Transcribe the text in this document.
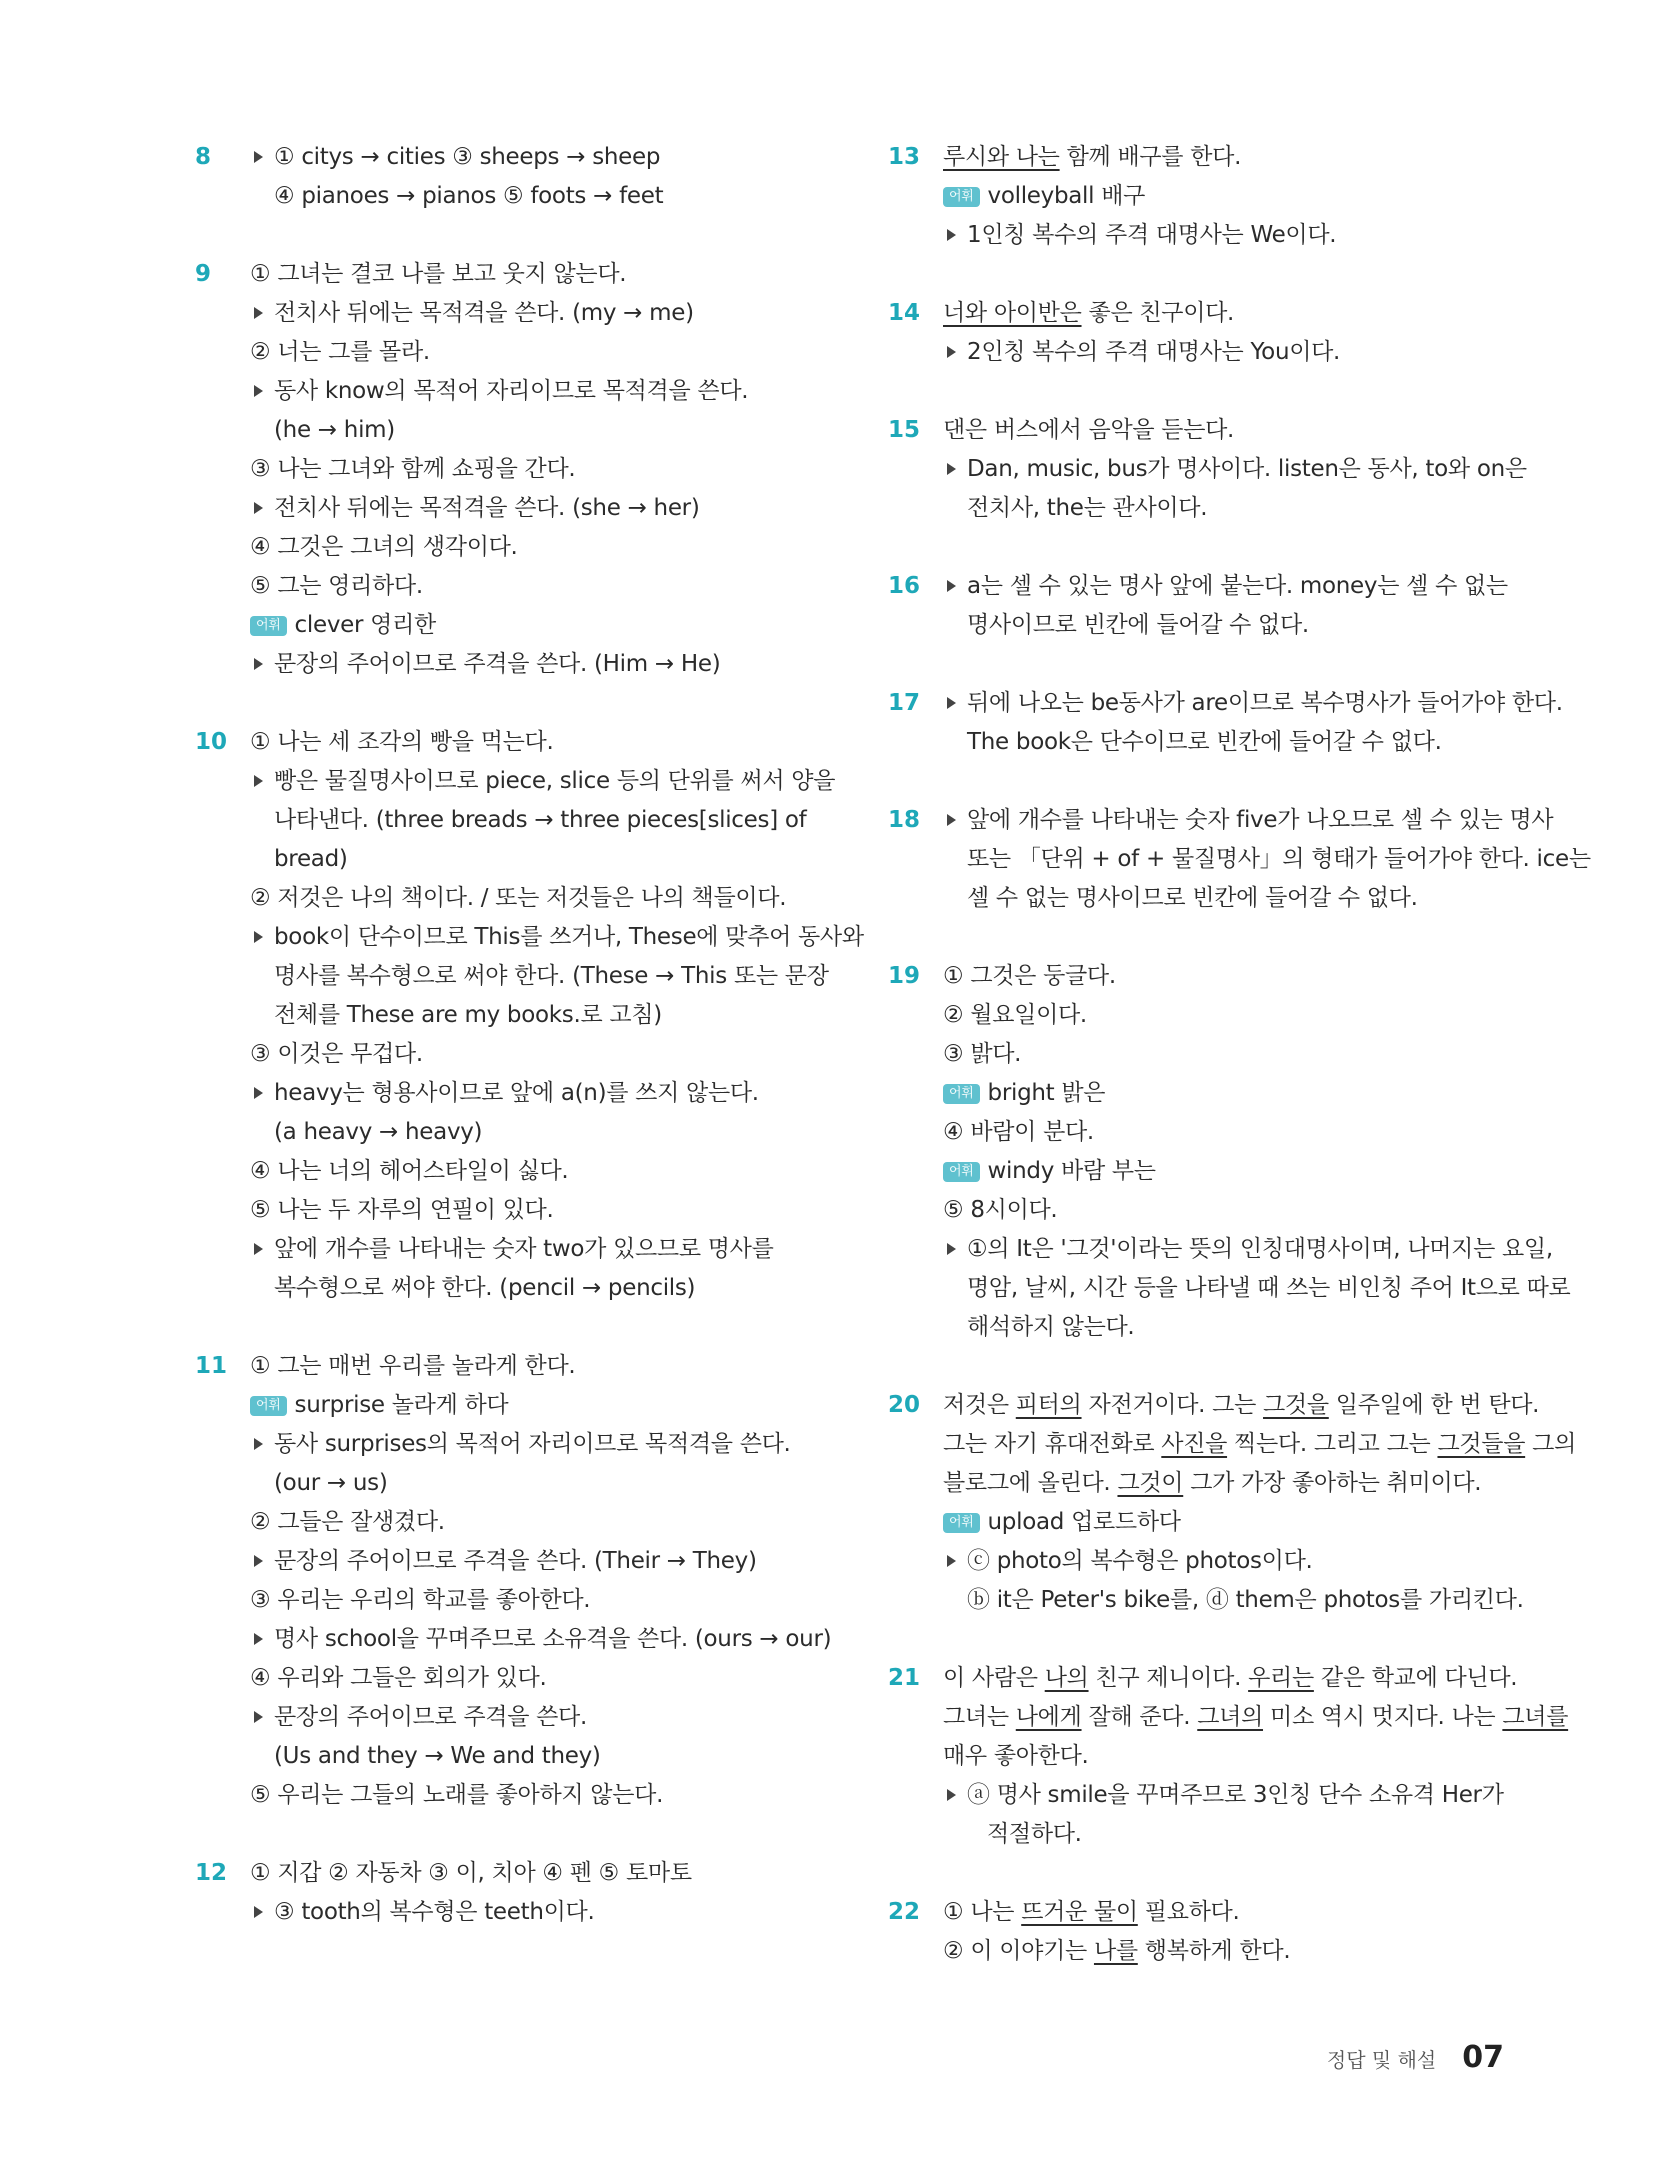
8	① citys → cities ③ sheeps → sheep
④ pianoes → pianos ⑤ foots → feet
9 ① 그녀는 결코 나를 보고 웃지 않는다.
전치사 뒤에는 목적격을 쓴다. (my → me)
② 너는 그를 몰라.
동사 know의 목적어 자리이므로 목적격을 쓴다.
(he → him)
③ 나는 그녀와 함께 쇼핑을 간다.
전치사 뒤에는 목적격을 쓴다. (she → her)
④ 그것은 그녀의 생각이다.
⑤ 그는 영리하다.
어휘 clever 영리한
문장의 주어이므로 주격을 쓴다. (Him → He)
10 ① 나는 세 조각의 빵을 먹는다.
빵은 물질명사이므로 piece, slice 등의 단위를 써서 양을
나타낸다. (three breads → three pieces[slices] of
bread)
② 저것은 나의 책이다. / 또는 저것들은 나의 책들이다.
book이 단수이므로 This를 쓰거나, These에 맞추어 동사와
명사를 복수형으로 써야 한다. (These → This 또는 문장
전체를 These are my books.로 고침)
③ 이것은 무겁다.
heavy는 형용사이므로 앞에 a(n)를 쓰지 않는다.
(a heavy → heavy)
④ 나는 너의 헤어스타일이 싫다.
⑤ 나는 두 자루의 연필이 있다.
앞에 개수를 나타내는 숫자 two가 있으므로 명사를
복수형으로 써야 한다. (pencil → pencils)
11 ① 그는 매번 우리를 놀라게 한다.
어휘 surprise 놀라게 하다
동사 surprises의 목적어 자리이므로 목적격을 쓴다.
(our → us)
② 그들은 잘생겼다.
문장의 주어이므로 주격을 쓴다. (Their → They)
③ 우리는 우리의 학교를 좋아한다.
명사 school을 꾸며주므로 소유격을 쓴다. (ours → our)
④ 우리와 그들은 회의가 있다.
문장의 주어이므로 주격을 쓴다.
(Us and they → We and they)
⑤ 우리는 그들의 노래를 좋아하지 않는다.
12 ① 지갑 ② 자동차 ③ 이, 치아 ④ 펜 ⑤ 토마토
③ tooth의 복수형은 teeth이다.
13 루시와 나는 함께 배구를 한다.
어휘 volleyball 배구
1인칭 복수의 주격 대명사는 We이다.
14 너와 아이반은 좋은 친구이다.
2인칭 복수의 주격 대명사는 You이다.
15 댄은 버스에서 음악을 듣는다.
Dan, music, bus가 명사이다. listen은 동사, to와 on은
전치사, the는 관사이다.
16	a는 셀 수 있는 명사 앞에 붙는다. money는 셀 수 없는
명사이므로 빈칸에 들어갈 수 없다.
17	뒤에 나오는 be동사가 are이므로 복수명사가 들어가야 한다.
The book은 단수이므로 빈칸에 들어갈 수 없다.
18	앞에 개수를 나타내는 숫자 five가 나오므로 셀 수 있는 명사
또는 「단위 + of + 물질명사」의 형태가 들어가야 한다. ice는
셀 수 없는 명사이므로 빈칸에 들어갈 수 없다.
19 ① 그것은 둥글다.
② 월요일이다.
③ 밝다.
어휘 bright 밝은
④ 바람이 분다.
어휘 windy 바람 부는
⑤ 8시이다.
①의 It은 '그것'이라는 뜻의 인칭대명사이며, 나머지는 요일,
명암, 날씨, 시간 등을 나타낼 때 쓰는 비인칭 주어 It으로 따로
해석하지 않는다.
20 저것은 피터의 자전거이다. 그는 그것을 일주일에 한 번 탄다.
그는 자기 휴대전화로 사진을 찍는다. 그리고 그는 그것들을 그의
블로그에 올린다. 그것이 그가 가장 좋아하는 취미이다.
어휘 upload 업로드하다
ⓒ photo의 복수형은 photos이다.
ⓑ it은 Peter's bike를, ⓓ them은 photos를 가리킨다.
21 이 사람은 나의 친구 제니이다. 우리는 같은 학교에 다닌다.
그녀는 나에게 잘해 준다. 그녀의 미소 역시 멋지다. 나는 그녀를
매우 좋아한다.
ⓐ 명사 smile을 꾸며주므로 3인칭 단수 소유격 Her가
적절하다.
22 ① 나는 뜨거운 물이 필요하다.
② 이 이야기는 나를 행복하게 한다.
정답 및 해설 07
